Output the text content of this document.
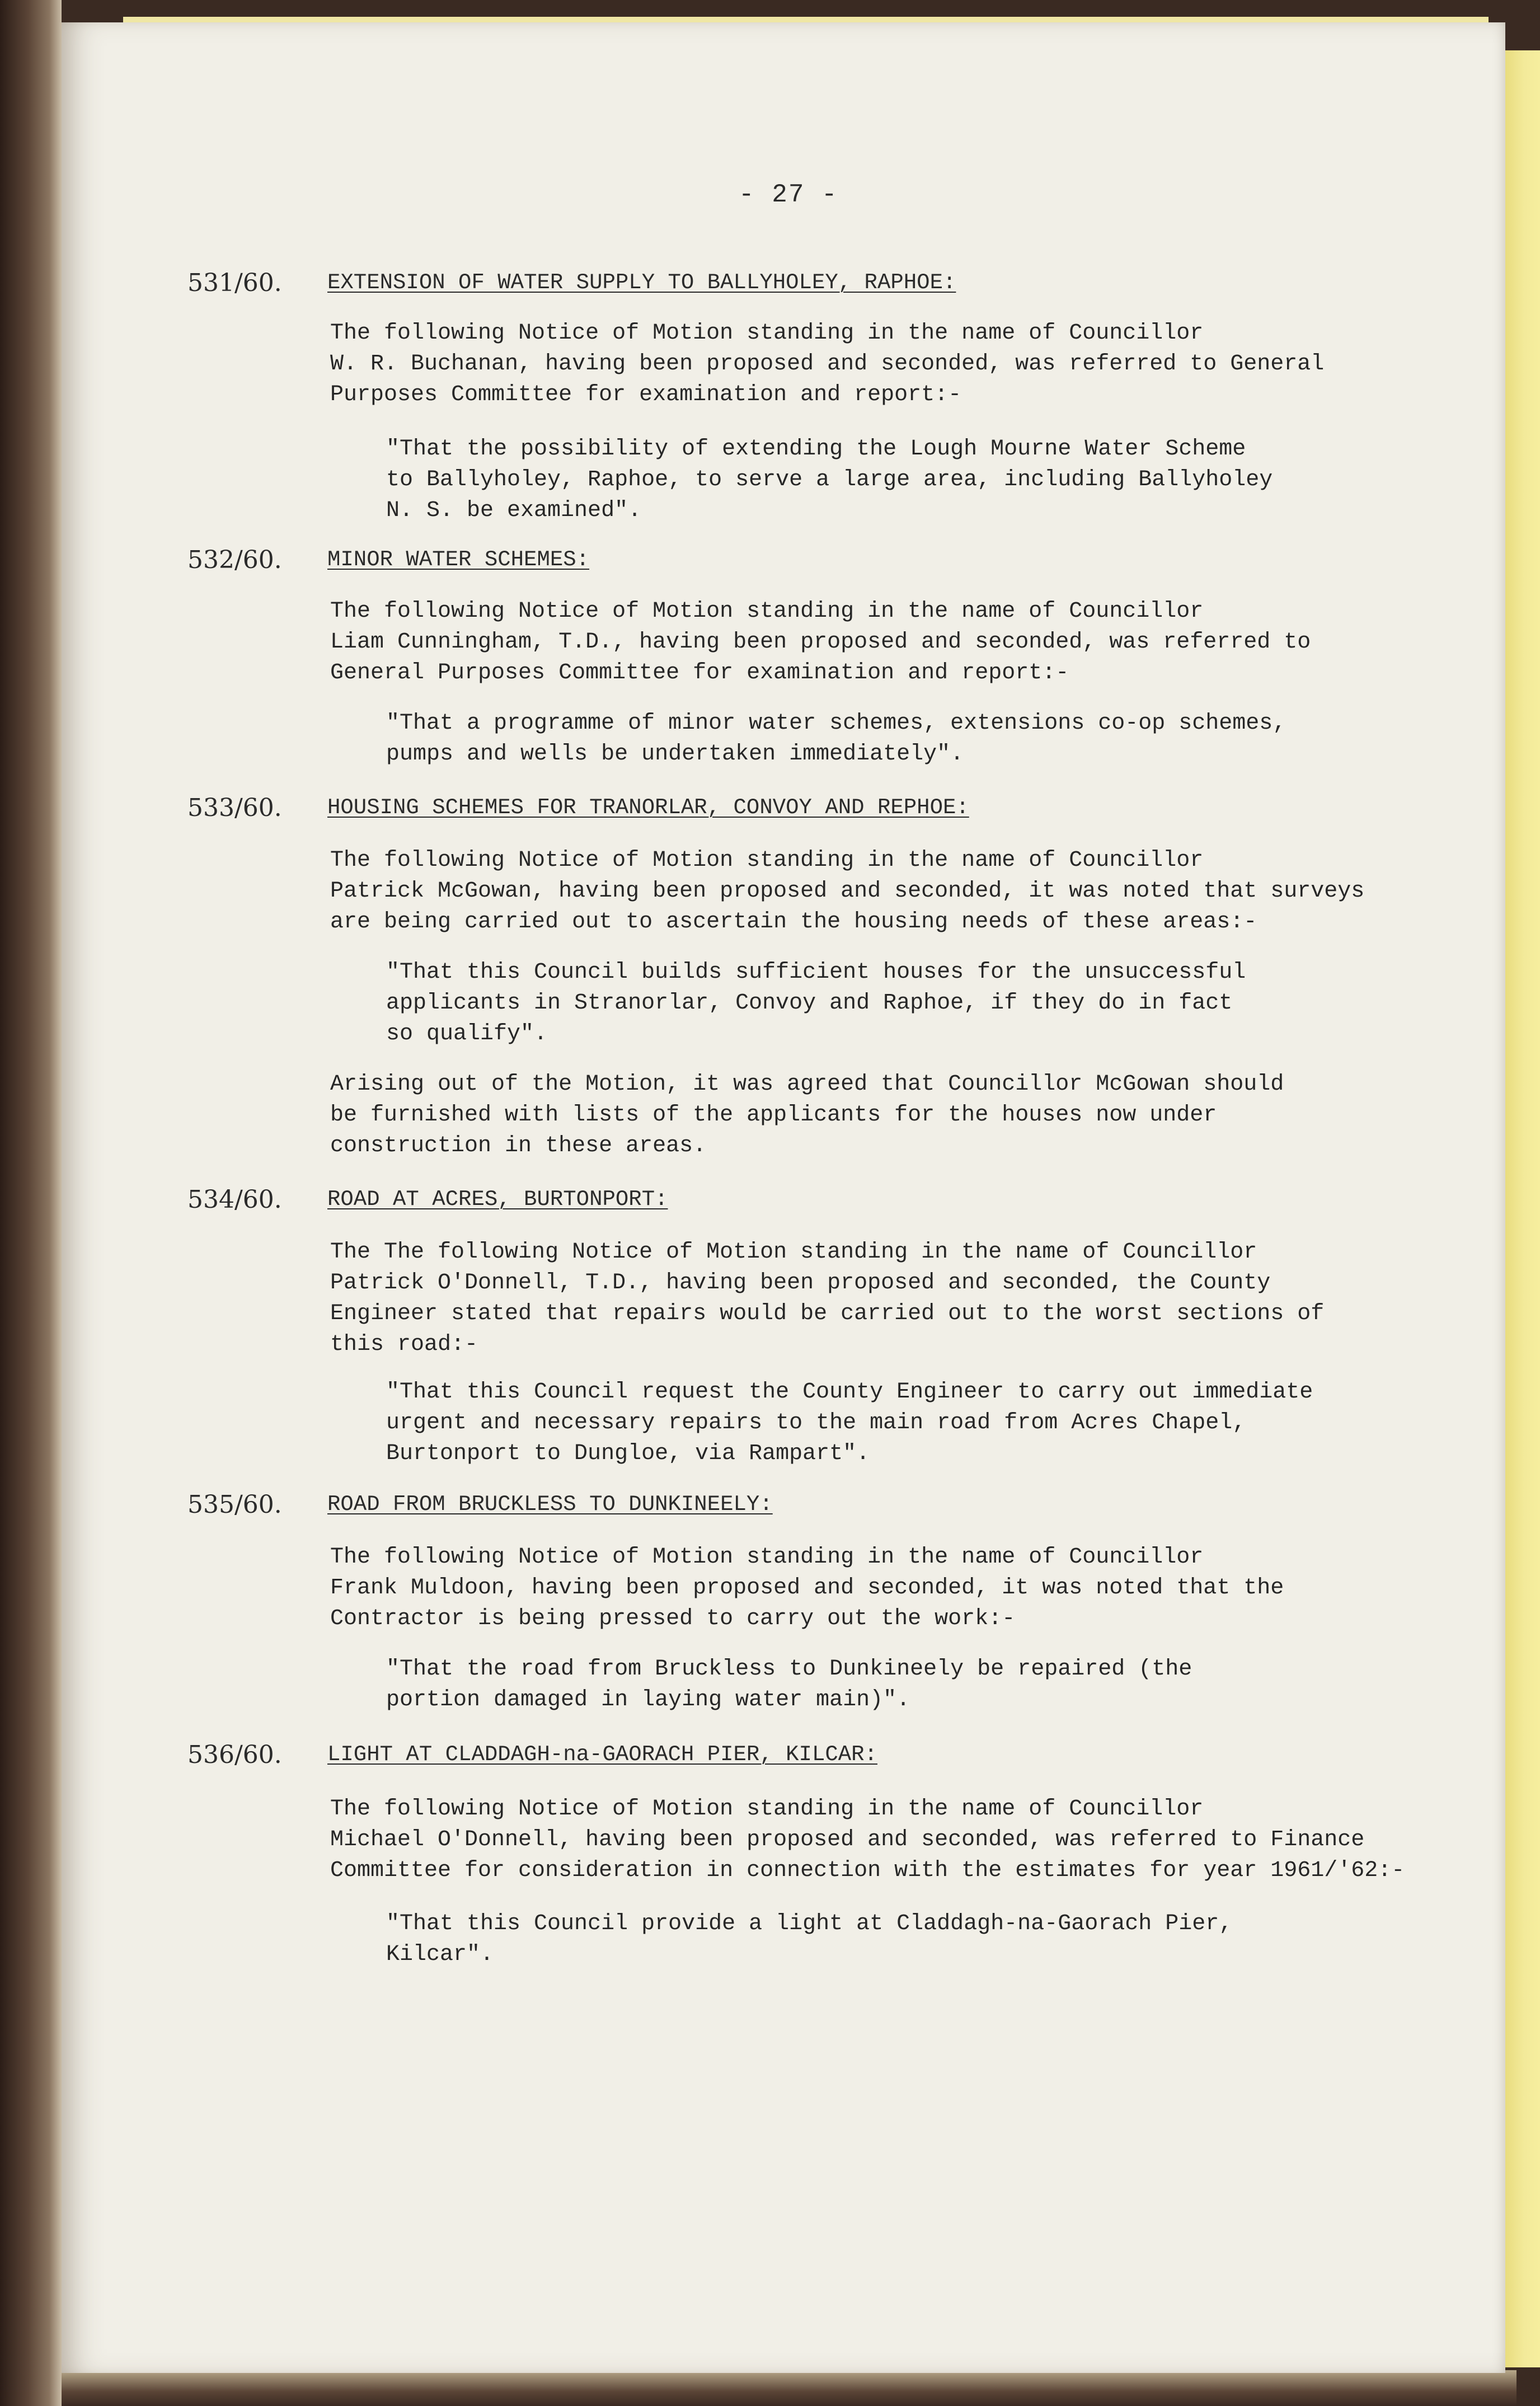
- 27 -
531/60. EXTENSION OF WATER SUPPLY TO BALLYHOLEY, RAPHOE:
The following Notice of Motion standing in the name of Councillor
W. R. Buchanan, having been proposed and seconded, was referred to General
Purposes Committee for examination and report:-
"That the possibility of extending the Lough Mourne Water Scheme
to Ballyholey, Raphoe, to serve a large area, including Ballyholey
N. S. be examined".
532/60. MINOR WATER SCHEMES:
The following Notice of Motion standing in the name of Councillor
Liam Cunningham, T.D., having been proposed and seconded, was referred to
General Purposes Committee for examination and report:-
"That a programme of minor water schemes, extensions co-op schemes,
pumps and wells be undertaken immediately".
533/60. HOUSING SCHEMES FOR TRANORLAR, CONVOY AND REPHOE:
The following Notice of Motion standing in the name of Councillor
Patrick McGowan, having been proposed and seconded, it was noted that surveys
are being carried out to ascertain the housing needs of these areas:-
"That this Council builds sufficient houses for the unsuccessful
applicants in Stranorlar, Convoy and Raphoe, if they do in fact
so qualify".
Arising out of the Motion, it was agreed that Councillor McGowan should
be furnished with lists of the applicants for the houses now under
construction in these areas.
534/60. ROAD AT ACRES, BURTONPORT:
The The following Notice of Motion standing in the name of Councillor
Patrick O'Donnell, T.D., having been proposed and seconded, the County
Engineer stated that repairs would be carried out to the worst sections of
this road:-
"That this Council request the County Engineer to carry out immediate
urgent and necessary repairs to the main road from Acres Chapel,
Burtonport to Dungloe, via Rampart".
535/60. ROAD FROM BRUCKLESS TO DUNKINEELY:
The following Notice of Motion standing in the name of Councillor
Frank Muldoon, having been proposed and seconded, it was noted that the
Contractor is being pressed to carry out the work:-
"That the road from Bruckless to Dunkineely be repaired (the
portion damaged in laying water main)".
536/60. LIGHT AT CLADDAGH-na-GAORACH PIER, KILCAR:
The following Notice of Motion standing in the name of Councillor
Michael O'Donnell, having been proposed and seconded, was referred to Finance
Committee for consideration in connection with the estimates for year 1961/'62:-
"That this Council provide a light at Claddagh-na-Gaorach Pier,
Kilcar".
